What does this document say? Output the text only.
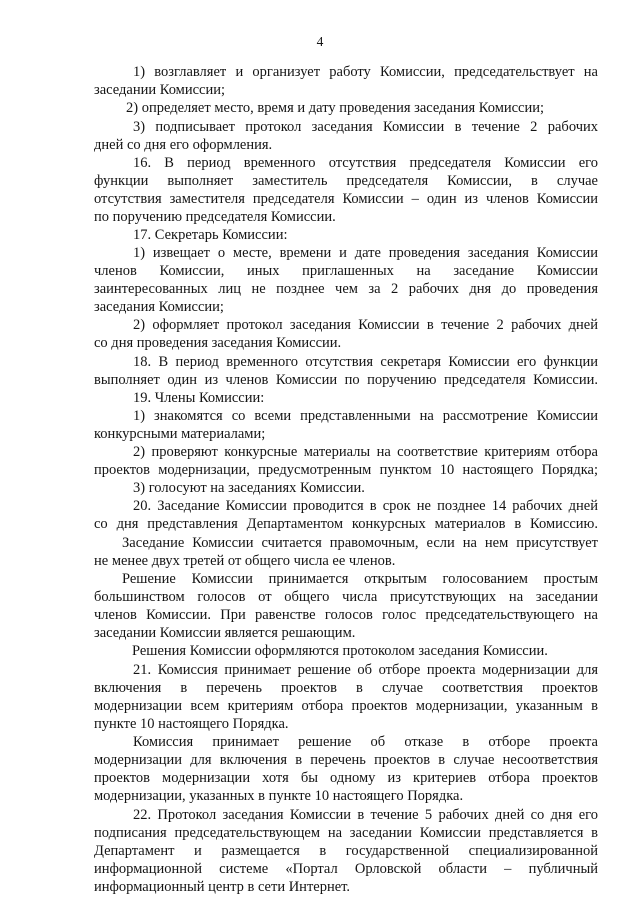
4
1) возглавляет и организует работу Комиссии, председательствует на
заседании Комиссии;
2) определяет место, время и дату проведения заседания Комиссии;
3) подписывает протокол заседания Комиссии в течение 2 рабочих
дней со дня его оформления.
16. В период временного отсутствия председателя Комиссии его
функции выполняет заместитель председателя Комиссии, в случае
отсутствия заместителя председателя Комиссии – один из членов Комиссии
по поручению председателя Комиссии.
17. Секретарь Комиссии:
1) извещает о месте, времени и дате проведения заседания Комиссии
членов Комиссии, иных приглашенных на заседание Комиссии
заинтересованных лиц не позднее чем за 2 рабочих дня до проведения
заседания Комиссии;
2) оформляет протокол заседания Комиссии в течение 2 рабочих дней
со дня проведения заседания Комиссии.
18. В период временного отсутствия секретаря Комиссии его функции
выполняет один из членов Комиссии по поручению председателя Комиссии.
19. Члены Комиссии:
1) знакомятся со всеми представленными на рассмотрение Комиссии
конкурсными материалами;
2) проверяют конкурсные материалы на соответствие критериям отбора
проектов модернизации, предусмотренным пунктом 10 настоящего Порядка;
3) голосуют на заседаниях Комиссии.
20. Заседание Комиссии проводится в срок не позднее 14 рабочих дней
со дня представления Департаментом конкурсных материалов в Комиссию.
Заседание Комиссии считается правомочным, если на нем присутствует
не менее двух третей от общего числа ее членов.
Решение Комиссии принимается открытым голосованием простым
большинством голосов от общего числа присутствующих на заседании
членов Комиссии. При равенстве голосов голос председательствующего на
заседании Комиссии является решающим.
Решения Комиссии оформляются протоколом заседания Комиссии.
21. Комиссия принимает решение об отборе проекта модернизации для
включения в перечень проектов в случае соответствия проектов
модернизации всем критериям отбора проектов модернизации, указанным в
пункте 10 настоящего Порядка.
Комиссия принимает решение об отказе в отборе проекта
модернизации для включения в перечень проектов в случае несоответствия
проектов модернизации хотя бы одному из критериев отбора проектов
модернизации, указанных в пункте 10 настоящего Порядка.
22. Протокол заседания Комиссии в течение 5 рабочих дней со дня его
подписания председательствующем на заседании Комиссии представляется в
Департамент и размещается в государственной специализированной
информационной системе «Портал Орловской области – публичный
информационный центр в сети Интернет.
